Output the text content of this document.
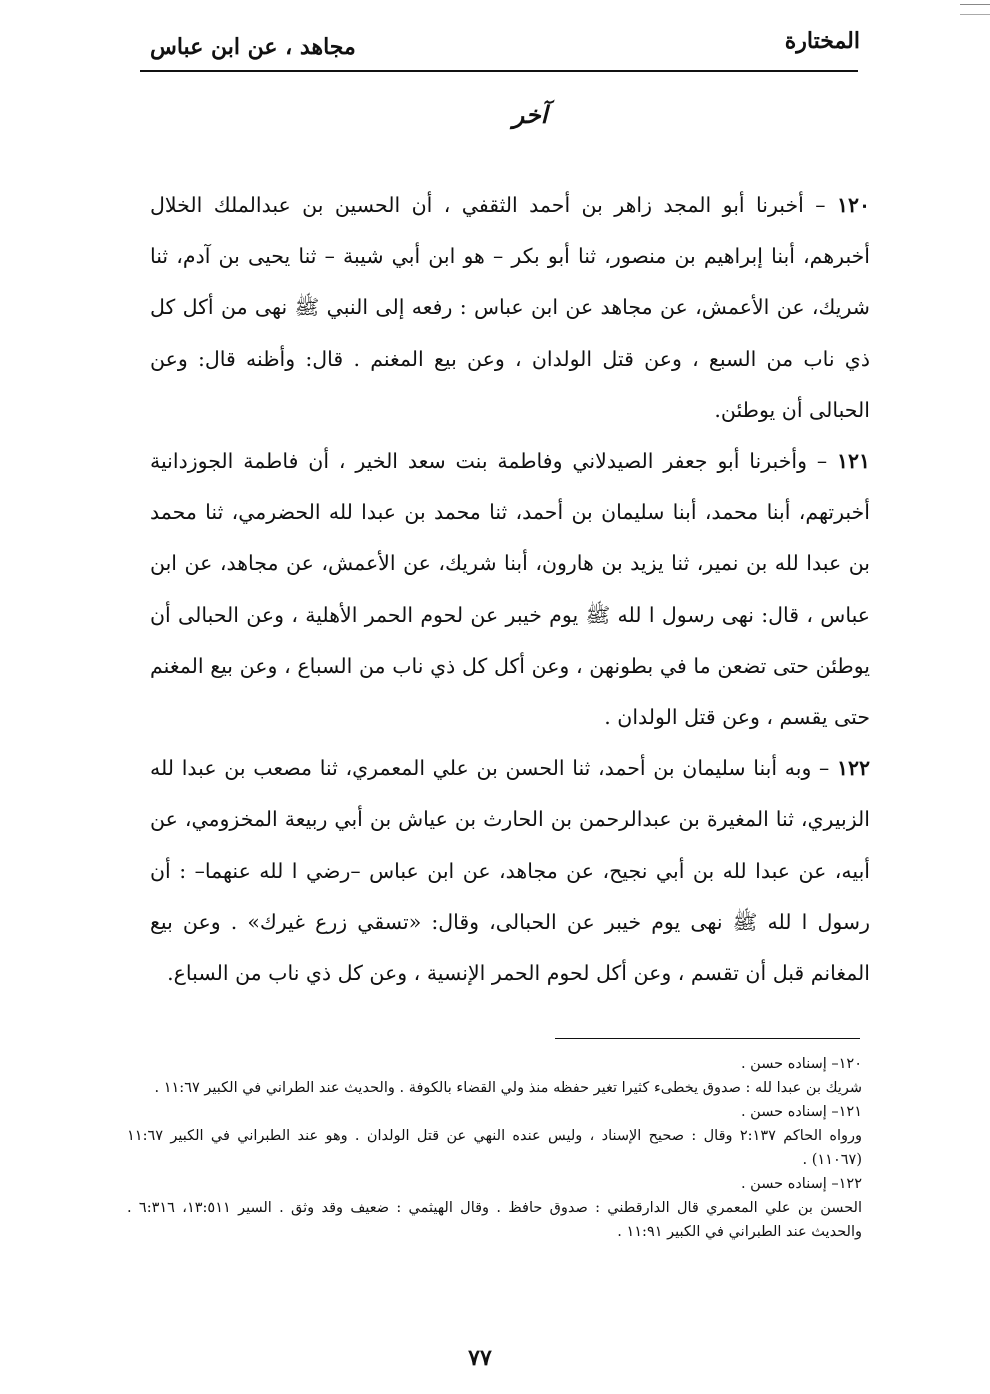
المختارة
مجاهد ، عن ابن عباس
آخر

١٢٠ – أخبرنا أبو المجد زاهر بن أحمد الثقفي ، أن الحسين بن عبدالملك الخلال أخبرهم، أبنا إبراهيم بن منصور، ثنا أبو بكر – هو ابن أبي شيبة – ثنا يحيى بن آدم، ثنا شريك، عن الأعمش، عن مجاهد عن ابن عباس : رفعه إلى النبي ﷺ نهى من أكل كل ذي ناب من السبع ، وعن قتل الولدان ، وعن بيع المغنم . قال: وأظنه قال: وعن الحبالى أن يوطئن.

١٢١ – وأخبرنا أبو جعفر الصيدلاني وفاطمة بنت سعد الخير ، أن فاطمة الجوزدانية أخبرتهم، أبنا محمد، أبنا سليمان بن أحمد، ثنا محمد بن عبدا لله الحضرمي، ثنا محمد بن عبدا لله بن نمير، ثنا يزيد بن هارون، أبنا شريك، عن الأعمش، عن مجاهد، عن ابن عباس ، قال: نهى رسول ا لله ﷺ يوم خيبر عن لحوم الحمر الأهلية ، وعن الحبالى أن يوطئن حتى تضعن ما في بطونهن ، وعن أكل كل ذي ناب من السباع ، وعن بيع المغنم حتى يقسم ، وعن قتل الولدان .

١٢٢ – وبه أبنا سليمان بن أحمد، ثنا الحسن بن علي المعمري، ثنا مصعب بن عبدا لله الزبيري، ثنا المغيرة بن عبدالرحمن بن الحارث بن عياش بن أبي ربيعة المخزومي، عن أبيه، عن عبدا لله بن أبي نجيح، عن مجاهد، عن ابن عباس –رضي ا لله عنهما– : أن رسول ا لله ﷺ نهى يوم خيبر عن الحبالى، وقال: «تسقي زرع غيرك» . وعن بيع المغانم قبل أن تقسم ، وعن أكل لحوم الحمر الإنسية ، وعن كل ذي ناب من السباع.

١٢٠– إسناده حسن .

شريك بن عبدا لله : صدوق يخطىء كثيرا تغير حفظه منذ ولي القضاء بالكوفة . والحديث عند الطراني في الكبير ١١:٦٧ .

١٢١– إسناده حسن .

ورواه الحاكم ٢:١٣٧ وقال : صحيح الإسناد ، وليس عنده النهي عن قتل الولدان . وهو عند الطبراني في الكبير ١١:٦٧ (١١٠٦٧) .

١٢٢– إسناده حسن .

الحسن بن علي المعمري قال الدارقطني : صدوق حافظ . وقال الهيثمي : ضعيف وقد وثق . السير ١٣:٥١١، ٦:٣١٦ . والحديث عند الطبراني في الكبير ١١:٩١ .

٧٧
